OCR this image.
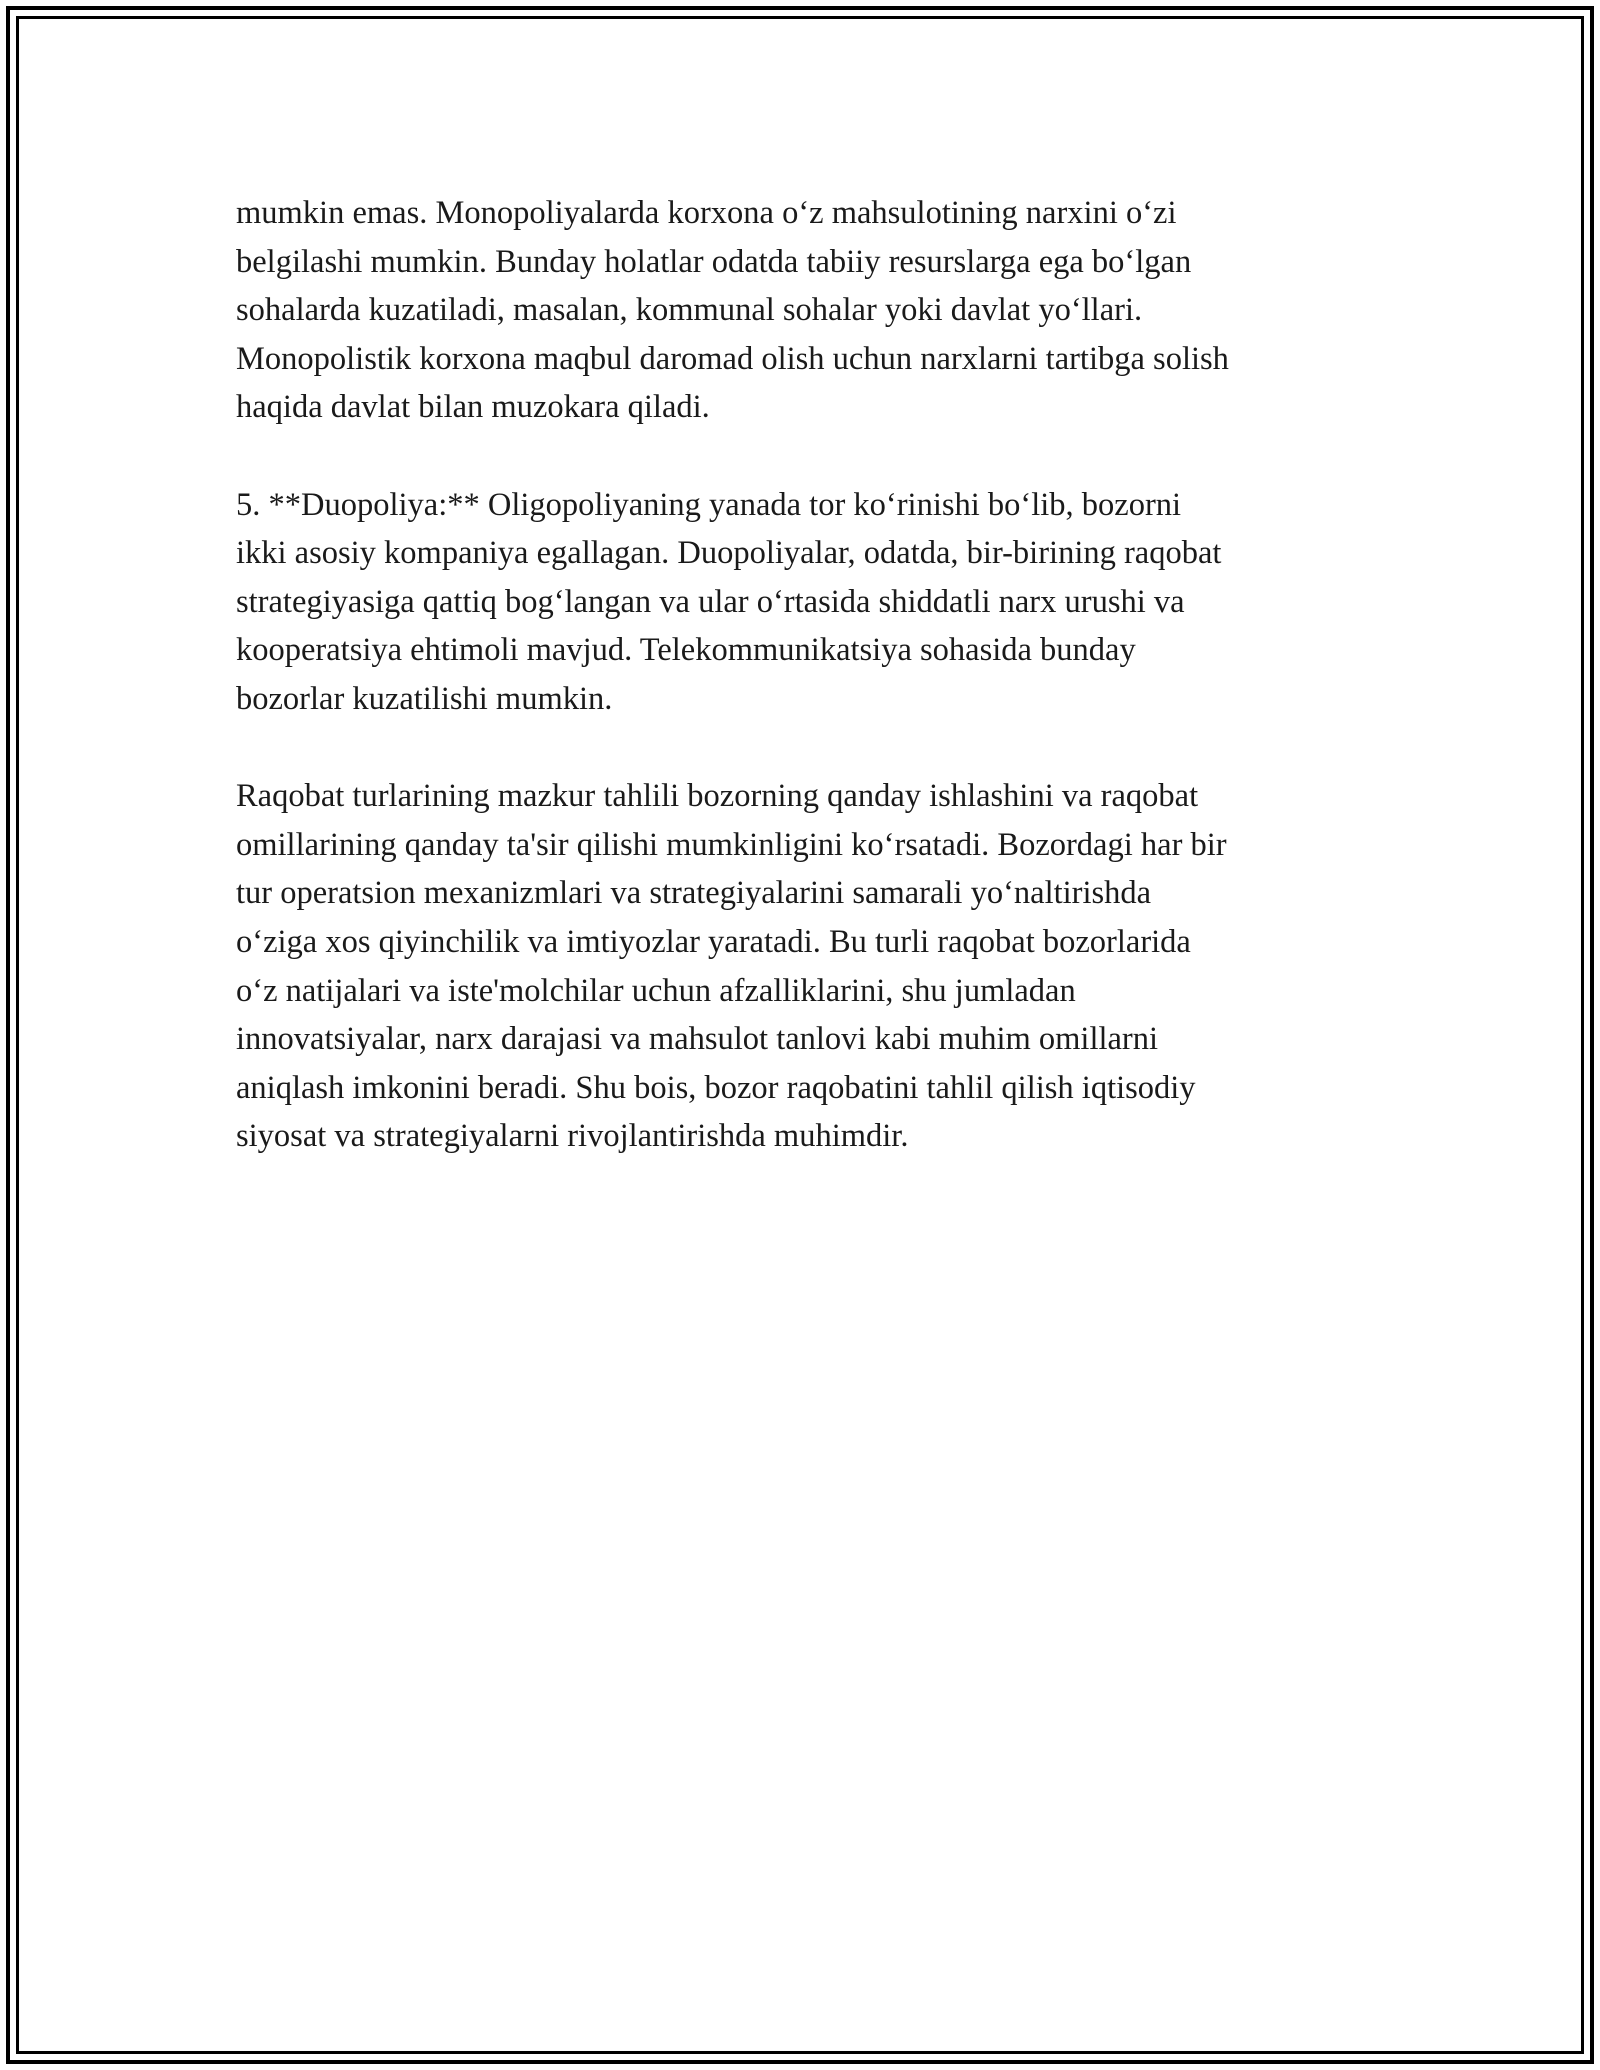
mumkin emas. Monopoliyalarda korxona o‘z mahsulotining narxini o‘zi
belgilashi mumkin. Bunday holatlar odatda tabiiy resurslarga ega bo‘lgan
sohalarda kuzatiladi, masalan, kommunal sohalar yoki davlat yo‘llari.
Monopolistik korxona maqbul daromad olish uchun narxlarni tartibga solish
haqida davlat bilan muzokara qiladi.

5. **Duopoliya:** Oligopoliyaning yanada tor ko‘rinishi bo‘lib, bozorni
ikki asosiy kompaniya egallagan. Duopoliyalar, odatda, bir-birining raqobat
strategiyasiga qattiq bog‘langan va ular o‘rtasida shiddatli narx urushi va
kooperatsiya ehtimoli mavjud. Telekommunikatsiya sohasida bunday
bozorlar kuzatilishi mumkin.

Raqobat turlarining mazkur tahlili bozorning qanday ishlashini va raqobat
omillarining qanday ta'sir qilishi mumkinligini ko‘rsatadi. Bozordagi har bir
tur operatsion mexanizmlari va strategiyalarini samarali yo‘naltirishda
o‘ziga xos qiyinchilik va imtiyozlar yaratadi. Bu turli raqobat bozorlarida
o‘z natijalari va iste'molchilar uchun afzalliklarini, shu jumladan
innovatsiyalar, narx darajasi va mahsulot tanlovi kabi muhim omillarni
aniqlash imkonini beradi. Shu bois, bozor raqobatini tahlil qilish iqtisodiy
siyosat va strategiyalarni rivojlantirishda muhimdir.
